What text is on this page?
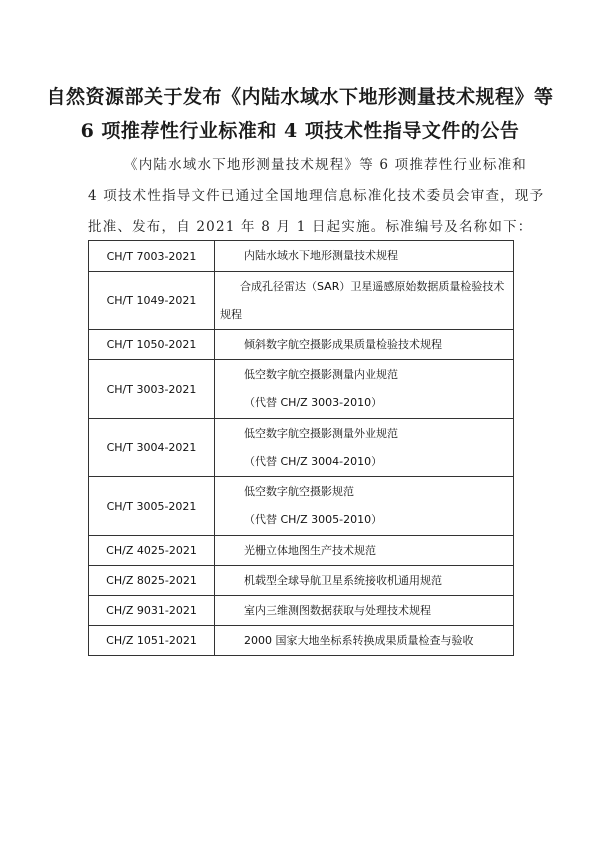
自然资源部关于发布《内陆水域水下地形测量技术规程》等
6 项推荐性行业标准和 4 项技术性指导文件的公告
《内陆水域水下地形测量技术规程》等 6 项推荐性行业标准和
4 项技术性指导文件已通过全国地理信息标准化技术委员会审查，现予
批准、发布，自 2021 年 8 月 1 日起实施。标准编号及名称如下：
CH/T 7003-2021	内陆水域水下地形测量技术规程

CH/T 1049-2021	合成孔径雷达（SAR）卫星遥感原始数据质量检验技术规程

CH/T 1050-2021	倾斜数字航空摄影成果质量检验技术规程

CH/T 3003-2021	低空数字航空摄影测量内业规范
（代替 CH/Z 3003-2010）

CH/T 3004-2021	低空数字航空摄影测量外业规范
（代替 CH/Z 3004-2010）

CH/T 3005-2021	低空数字航空摄影规范
（代替 CH/Z 3005-2010）

CH/Z 4025-2021	光栅立体地图生产技术规范

CH/Z 8025-2021	机载型全球导航卫星系统接收机通用规范

CH/Z 9031-2021	室内三维测图数据获取与处理技术规程

CH/Z 1051-2021	2000 国家大地坐标系转换成果质量检查与验收
